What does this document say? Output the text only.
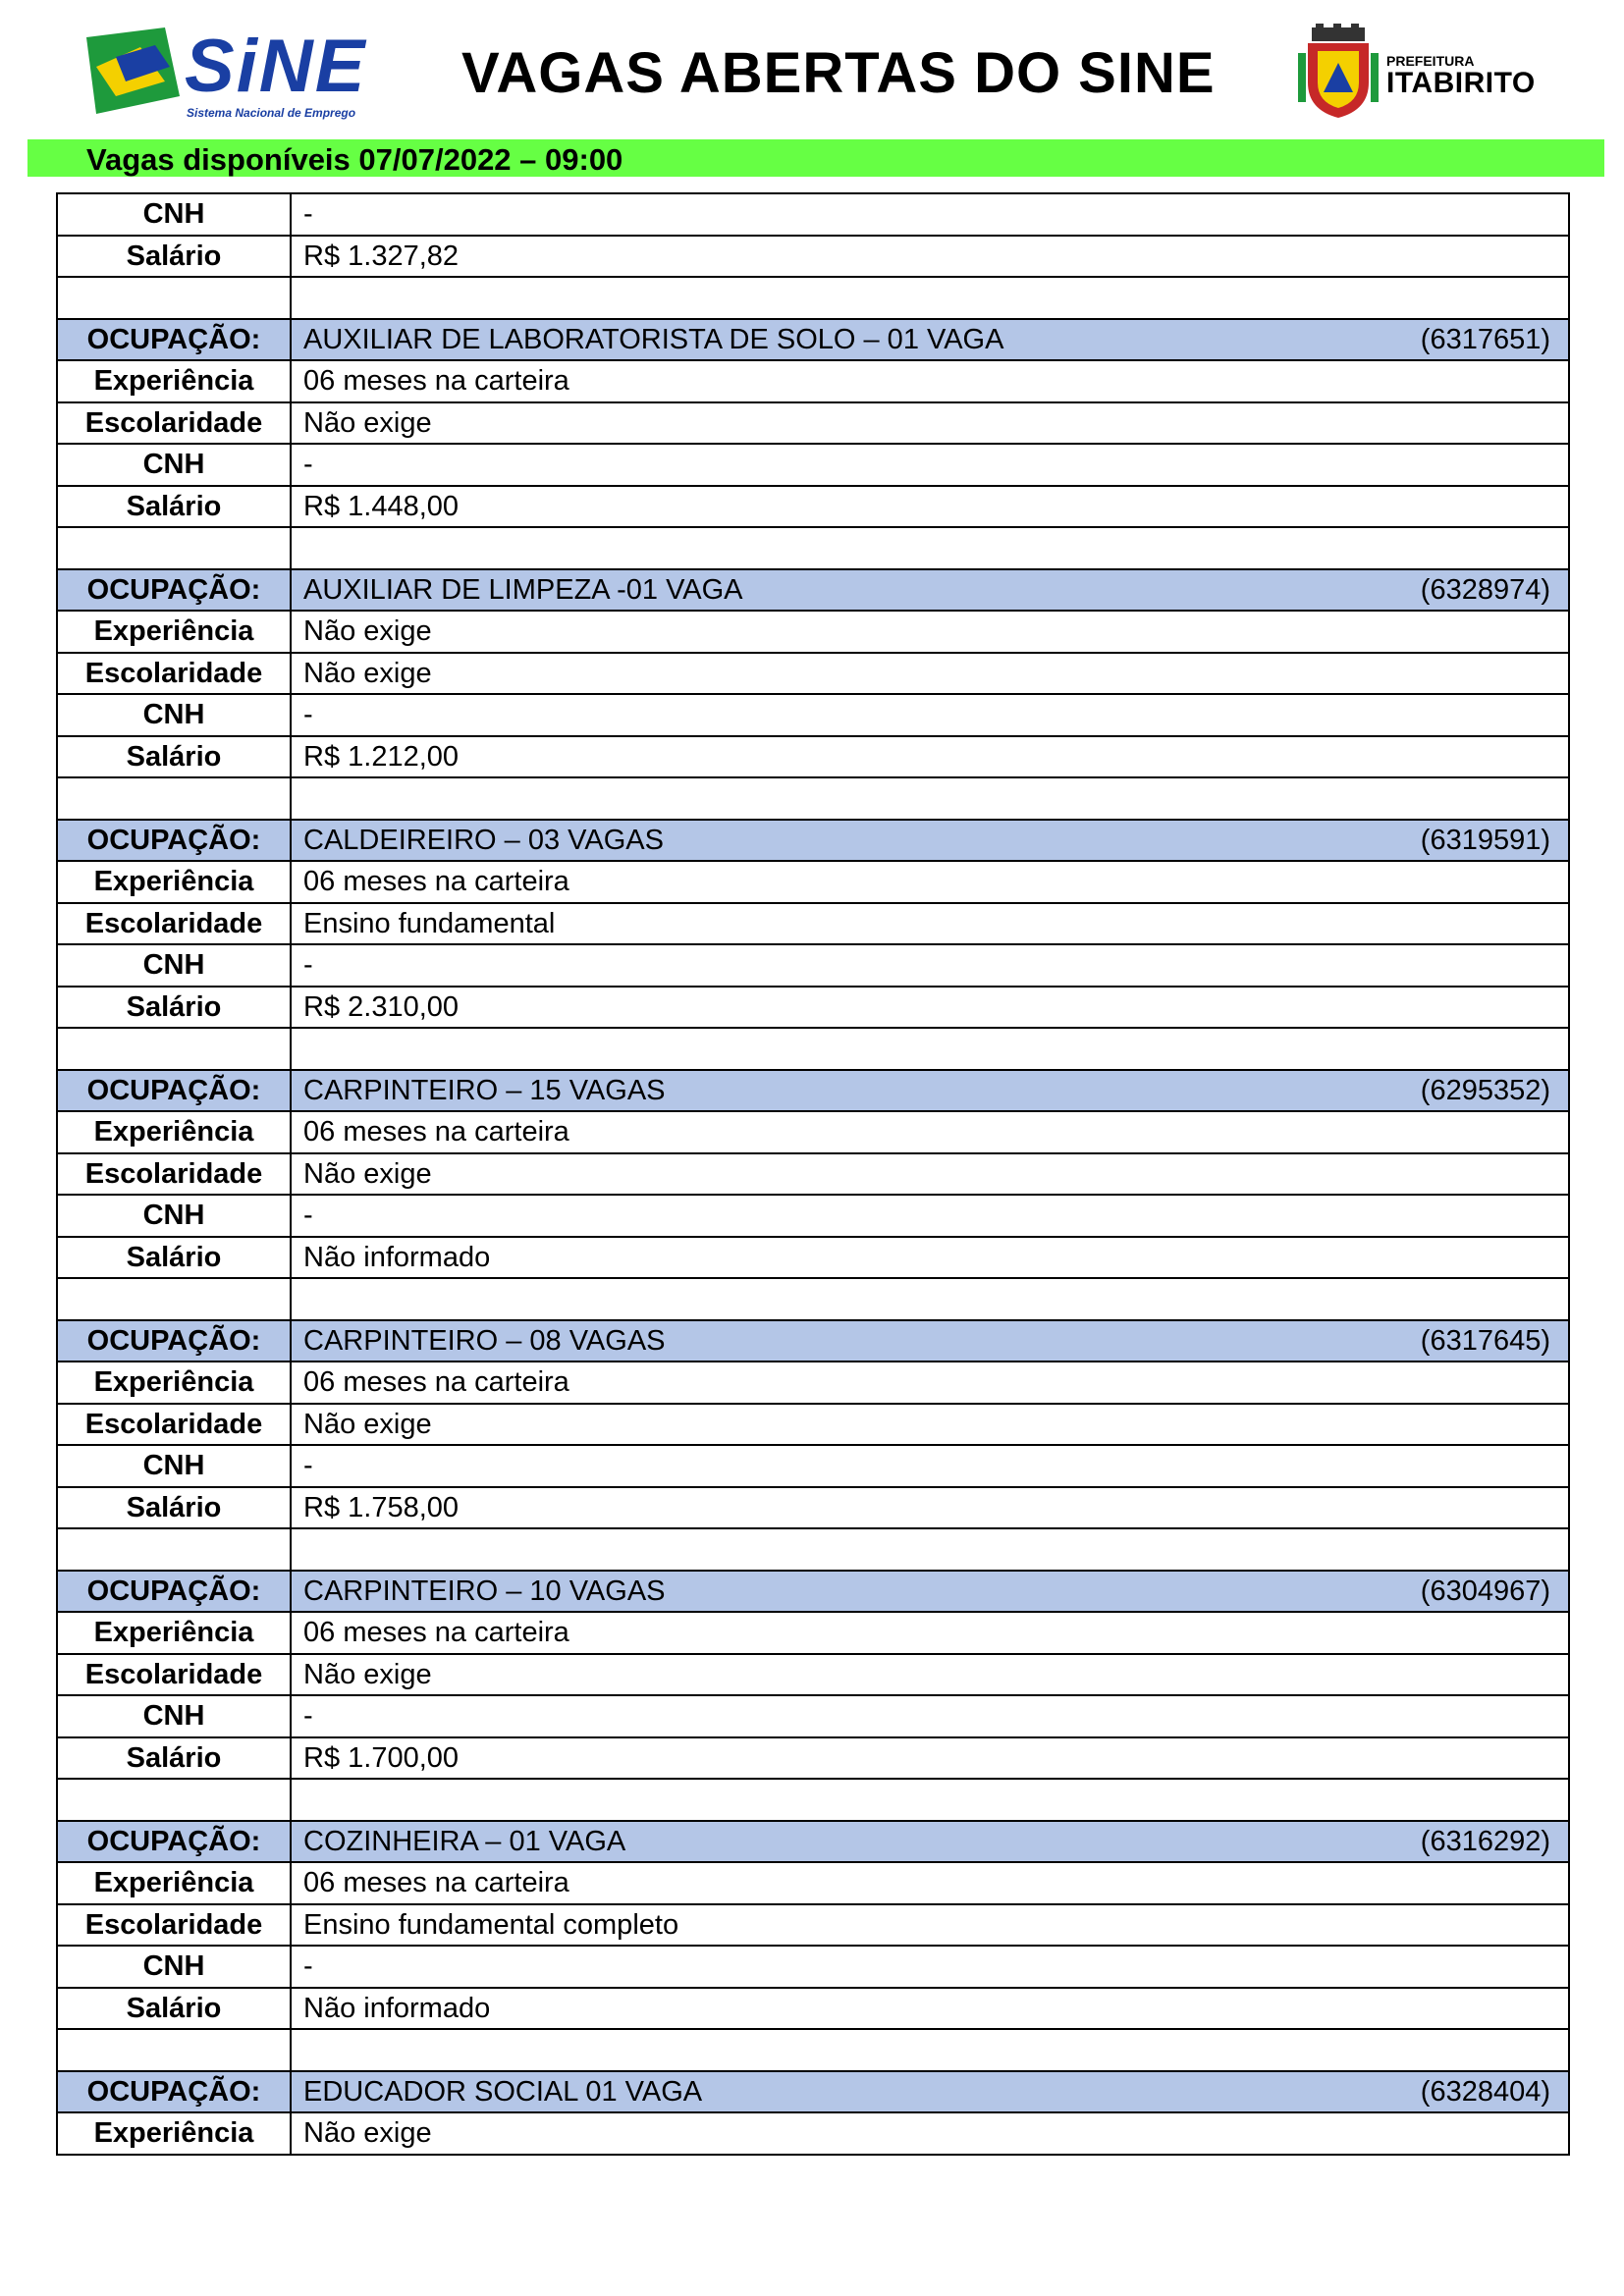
SiNE
Sistema Nacional de Emprego
VAGAS ABERTAS DO SINE	PREFEITURA
ITABIRITO
Vagas disponíveis 07/07/2022 – 09:00
CNH	-
Salário	R$ 1.327,82

OCUPAÇÃO:	AUXILIAR DE LABORATORISTA DE SOLO – 01 VAGA (6317651)

Experiência	06 meses na carteira
Escolaridade	Não exige
CNH	-
Salário	R$ 1.448,00

OCUPAÇÃO:	AUXILIAR DE LIMPEZA -01 VAGA (6328974)

Experiência	Não exige
Escolaridade	Não exige
CNH	-
Salário	R$ 1.212,00

OCUPAÇÃO:	CALDEIREIRO – 03 VAGAS (6319591)

Experiência	06 meses na carteira
Escolaridade	Ensino fundamental
CNH	-
Salário	R$ 2.310,00

OCUPAÇÃO:	CARPINTEIRO – 15 VAGAS (6295352)

Experiência	06 meses na carteira
Escolaridade	Não exige
CNH	-
Salário	Não informado

OCUPAÇÃO:	CARPINTEIRO – 08 VAGAS (6317645)

Experiência	06 meses na carteira
Escolaridade	Não exige
CNH	-
Salário	R$ 1.758,00

OCUPAÇÃO:	CARPINTEIRO – 10 VAGAS (6304967)

Experiência	06 meses na carteira
Escolaridade	Não exige
CNH	-
Salário	R$ 1.700,00

OCUPAÇÃO:	COZINHEIRA – 01 VAGA (6316292)

Experiência	06 meses na carteira
Escolaridade	Ensino fundamental completo
CNH	-
Salário	Não informado

OCUPAÇÃO:	EDUCADOR SOCIAL 01 VAGA (6328404)

Experiência	Não exige
